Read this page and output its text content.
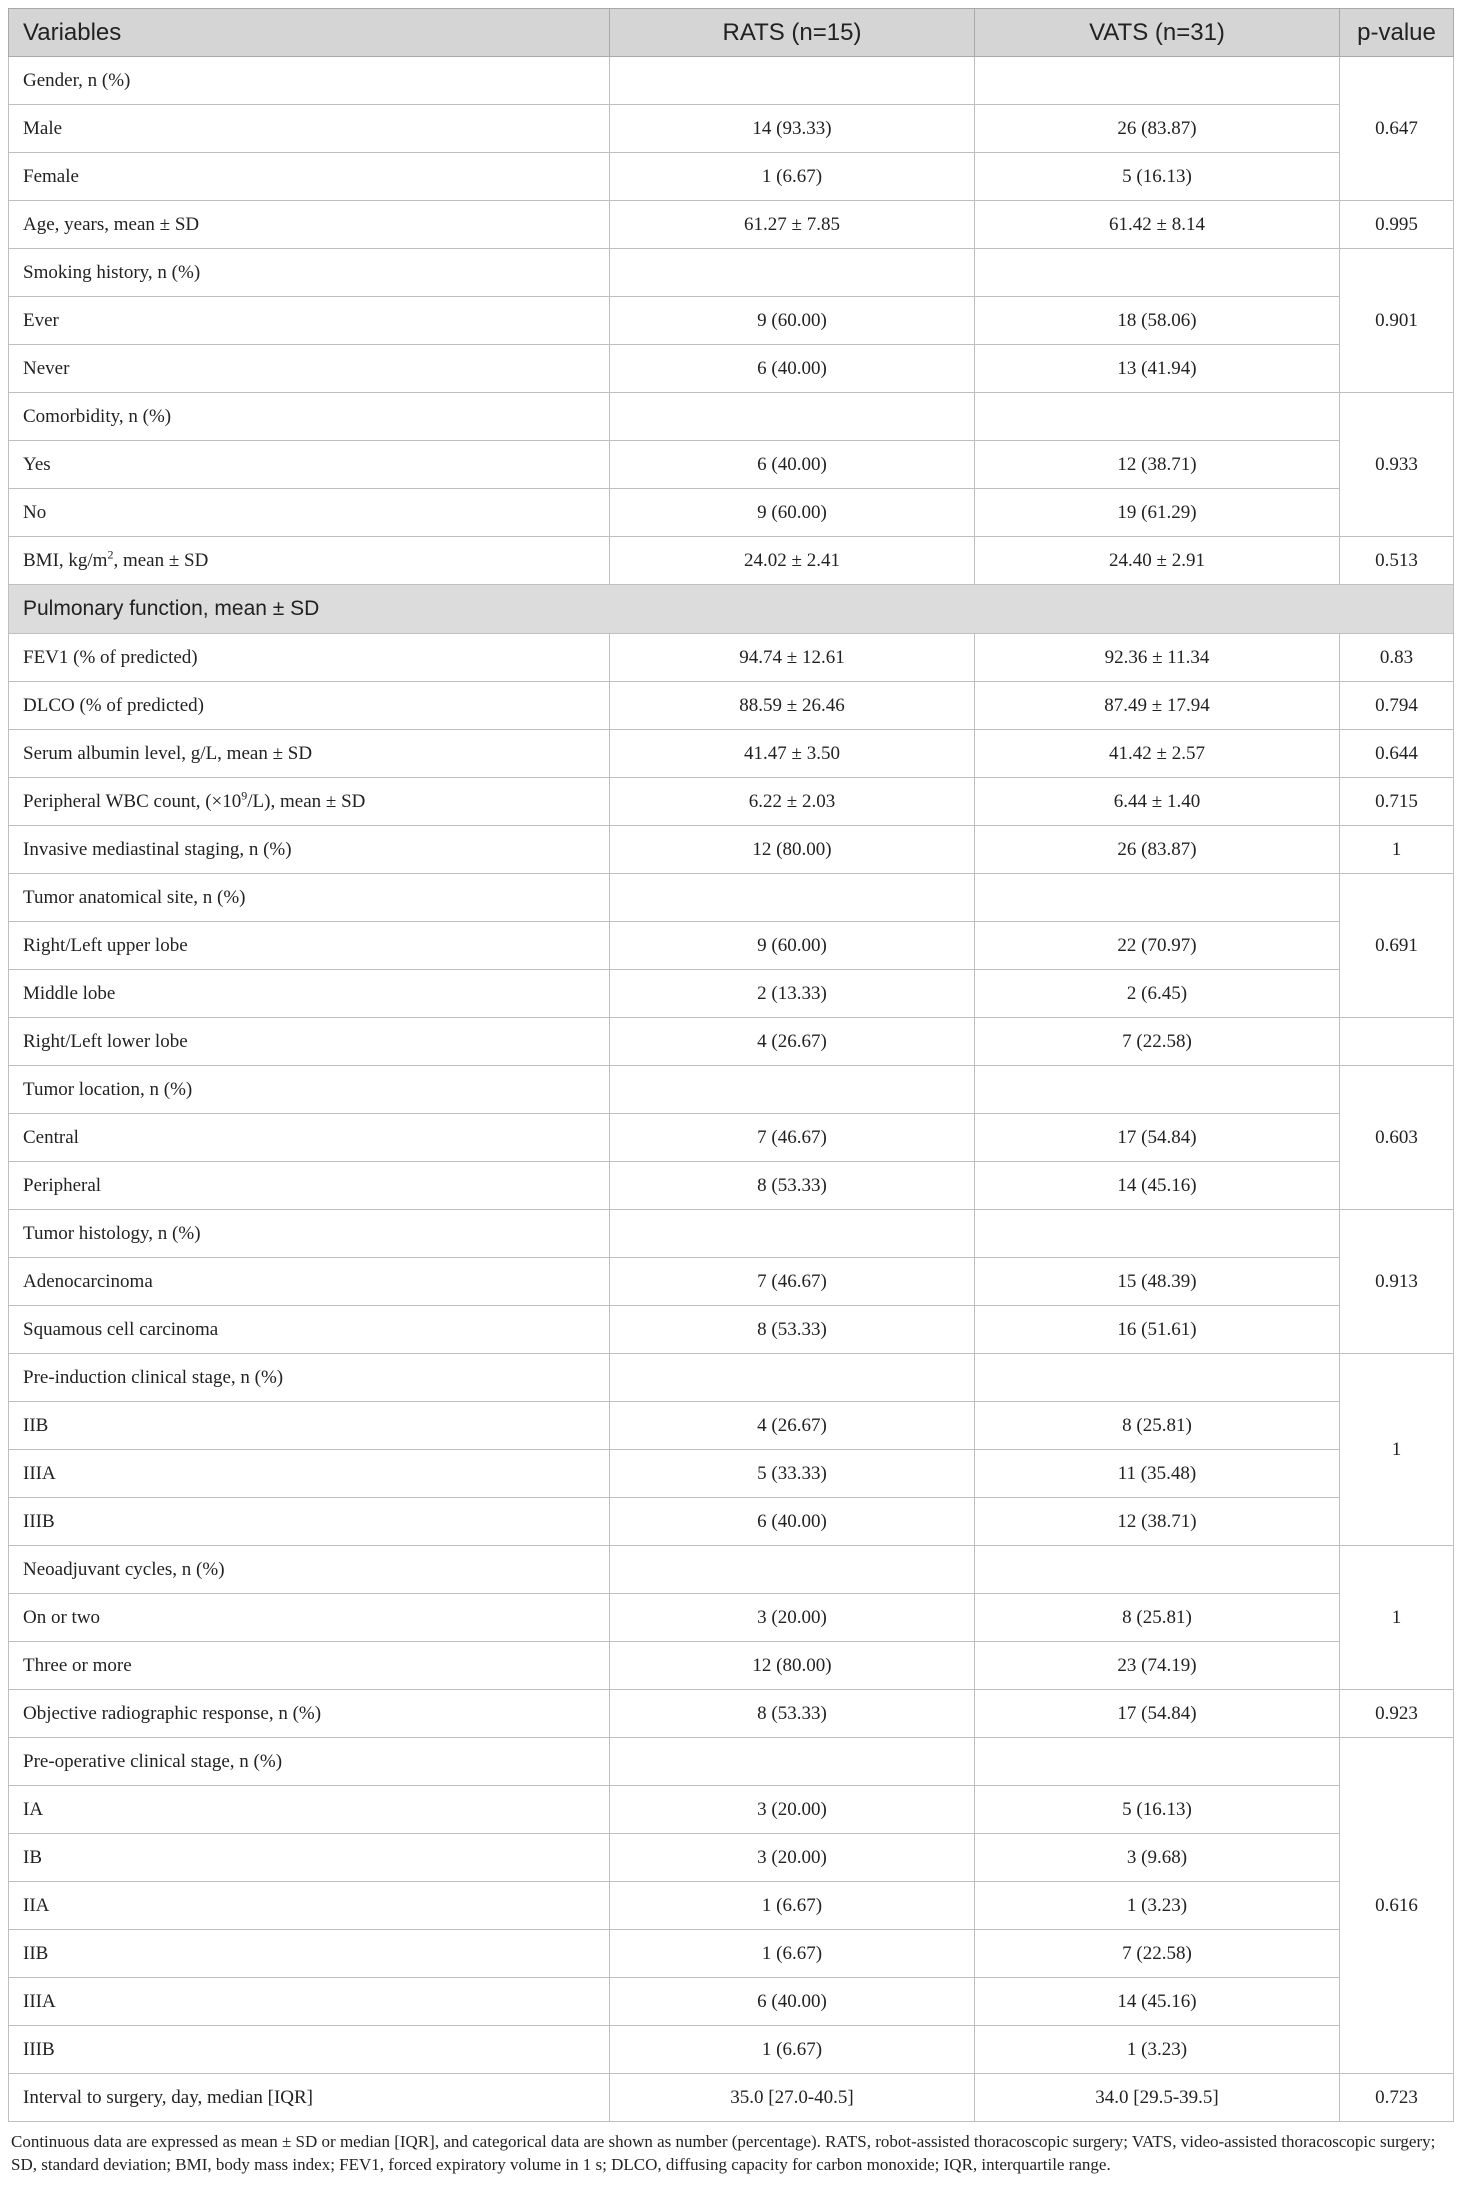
Variables	RATS (n=15)	VATS (n=31)	p-value
Gender, n (%)			0.647
Male	14 (93.33)	26 (83.87)	
Female	1 (6.67)	5 (16.13)	
Age, years, mean ± SD	61.27 ± 7.85	61.42 ± 8.14	0.995
Smoking history, n (%)			0.901
Ever	9 (60.00)	18 (58.06)	
Never	6 (40.00)	13 (41.94)	
Comorbidity, n (%)			0.933
Yes	6 (40.00)	12 (38.71)	
No	9 (60.00)	19 (61.29)	
BMI, $kg/m^2$, mean ± SD	24.02 ± 2.41	24.40 ± 2.91	0.513
Pulmonary function, mean ± SD			
FEV1 (% of predicted)	94.74 ± 12.61	92.36 ± 11.34	0.83
DLCO (% of predicted)	88.59 ± 26.46	87.49 ± 17.94	0.794
Serum albumin level, g/L, mean ± SD	41.47 ± 3.50	41.42 ± 2.57	0.644
Peripheral WBC count, $(\times 10^9/L)$, mean ± SD	6.22 ± 2.03	6.44 ± 1.40	0.715
Invasive mediastinal staging, n (%)	12 (80.00)	26 (83.87)	1
Tumor anatomical site, n (%)			0.691
Right/Left upper lobe	9 (60.00)	22 (70.97)	
Middle lobe	2 (13.33)	2 (6.45)	
Right/Left lower lobe	4 (26.67)	7 (22.58)	
Tumor location, n (%)			0.603
Central	7 (46.67)	17 (54.84)	
Peripheral	8 (53.33)	14 (45.16)	
Tumor histology, n (%)			0.913
Adenocarcinoma	7 (46.67)	15 (48.39)	
Squamous cell carcinoma	8 (53.33)	16 (51.61)	
Pre-induction clinical stage, n (%)			1
IIB	4 (26.67)	8 (25.81)	
IIIA	5 (33.33)	11 (35.48)	
IIIB	6 (40.00)	12 (38.71)	
Neoadjuvant cycles, n (%)			1
On or two	3 (20.00)	8 (25.81)	
Three or more	12 (80.00)	23 (74.19)	
Objective radiographic response, n (%)	8 (53.33)	17 (54.84)	0.923
Pre-operative clinical stage, n (%)			0.616
IA	3 (20.00)	5 (16.13)	
IB	3 (20.00)	3 (9.68)	
IIA	1 (6.67)	1 (3.23)	
IIB	1 (6.67)	7 (22.58)	
IIIA	6 (40.00)	14 (45.16)	
IIIB	1 (6.67)	1 (3.23)	
Interval to surgery, day, median [IQR]	35.0 [27.0-40.5]	34.0 [29.5-39.5]	0.723
Continuous data are expressed as mean ± SD or median [IQR], and categorical data are shown as number (percentage). RATS, robot-assisted thoracoscopic surgery; VATS, video-assisted thoracoscopic surgery; SD, standard deviation; BMI, body mass index; FEV1, forced expiratory volume in 1 s; DLCO, diffusing capacity for carbon monoxide; IQR, interquartile range.
